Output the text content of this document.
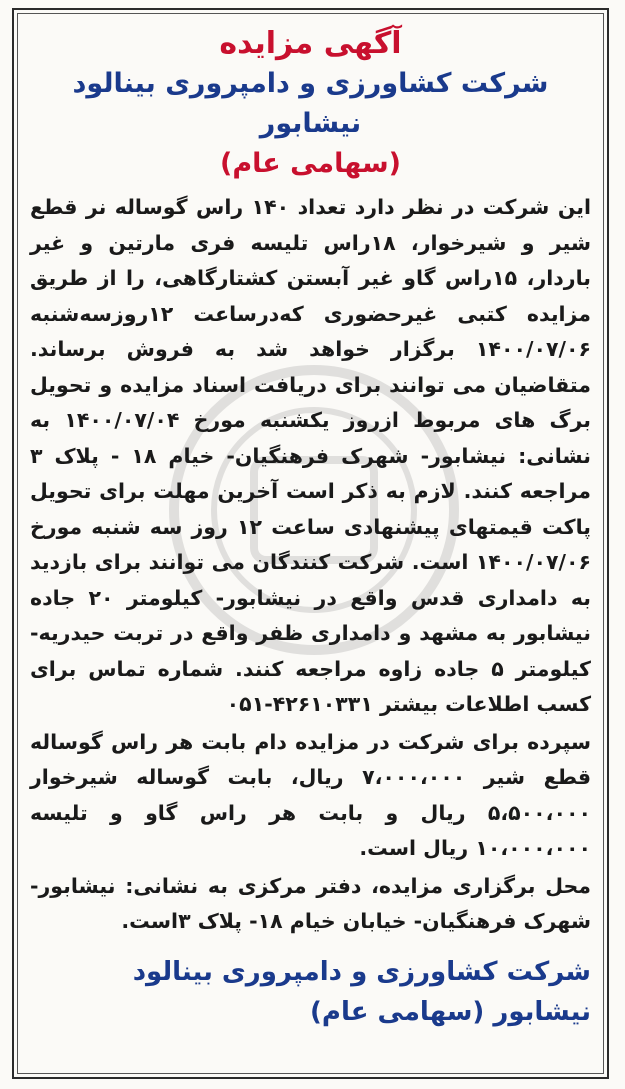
آگهی مزایده
شرکت کشاورزی و دامپروری بینالود نیشابور
(سهامی عام)

این شرکت در نظر دارد تعداد ۱۴۰ راس گوساله نر قطع شیر و شیرخوار، ۱۸راس تلیسه فری مارتین و غیر باردار، ۱۵راس گاو غیر آبستن کشتارگاهی، را از طریق مزایده کتبی غیرحضوری که‌درساعت ۱۲روزسه‌شنبه ۱۴۰۰/۰۷/۰۶ برگزار خواهد شد به فروش برساند. متقاضیان می توانند برای دریافت اسناد مزایده و تحویل برگ های مربوط ازروز یکشنبه مورخ ۱۴۰۰/۰۷/۰۴ به نشانی: نیشابور- شهرک فرهنگیان- خیام ۱۸ - پلاک ۳ مراجعه کنند. لازم به ذکر است آخرین مهلت برای تحویل پاکت قیمتهای پیشنهادی ساعت ۱۲ روز سه شنبه مورخ ۱۴۰۰/۰۷/۰۶ است. شرکت کنندگان می توانند برای بازدید به دامداری قدس واقع در نیشابور- کیلومتر ۲۰ جاده نیشابور به مشهد و دامداری ظفر واقع در تربت حیدریه- کیلومتر ۵ جاده زاوه مراجعه کنند. شماره تماس برای کسب اطلاعات بیشتر ۴۲۶۱۰۳۳۱-۰۵۱

سپرده برای شرکت در مزایده دام بابت هر راس گوساله قطع شیر ۷،۰۰۰،۰۰۰ ریال، بابت گوساله شیرخوار ۵،۵۰۰،۰۰۰ ریال و بابت هر راس گاو و تلیسه ۱۰،۰۰۰،۰۰۰ ریال است.

محل برگزاری مزایده، دفتر مرکزی به نشانی: نیشابور- شهرک فرهنگیان- خیابان خیام ۱۸- پلاک ۳است.

شرکت کشاورزی و دامپروری بینالود
نیشابور (سهامی عام)
